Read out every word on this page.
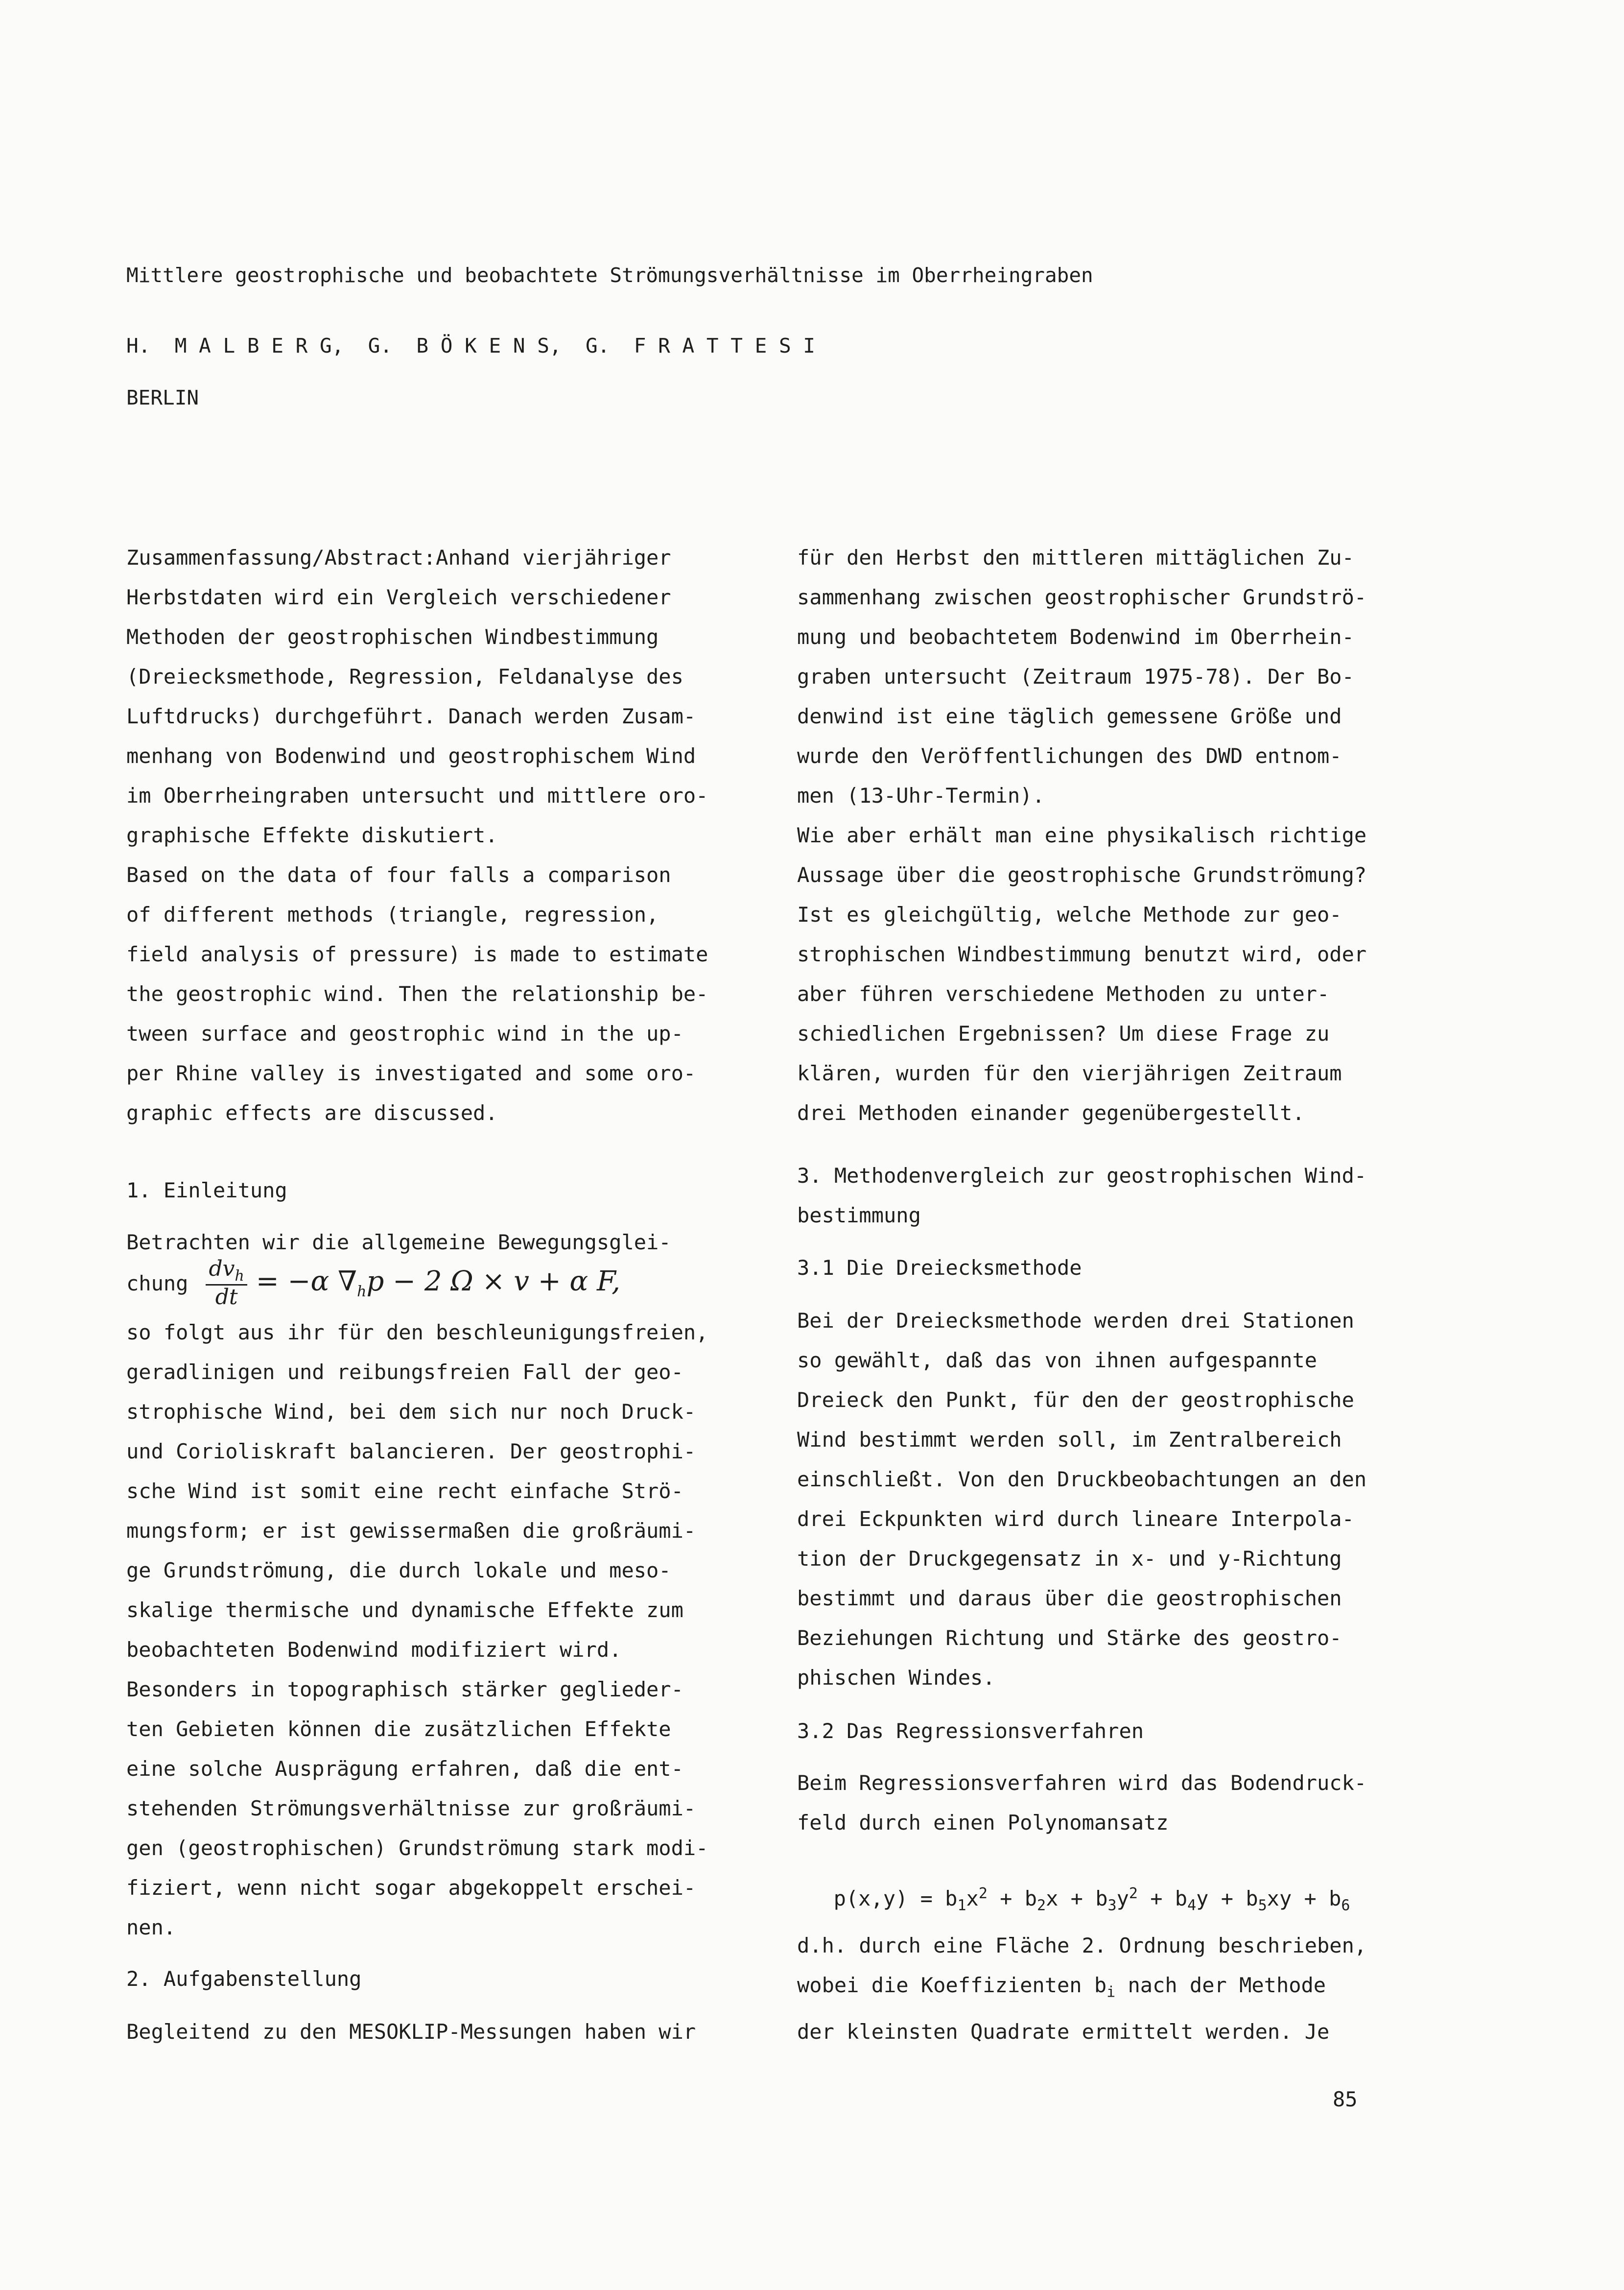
Mittlere geostrophische und beobachtete Strömungsverhältnisse im Oberrheingraben
H.  M A L B E R G,  G.  B Ö K E N S,  G.  F R A T T E S I
BERLIN

Zusammenfassung/Abstract:Anhand vierjähriger

Herbstdaten wird ein Vergleich verschiedener

Methoden der geostrophischen Windbestimmung

(Dreiecksmethode, Regression, Feldanalyse des

Luftdrucks) durchgeführt. Danach werden Zusam-

menhang von Bodenwind und geostrophischem Wind

im Oberrheingraben untersucht und mittlere oro-

graphische Effekte diskutiert.

Based on the data of four falls a comparison

of different methods (triangle, regression,

field analysis of pressure) is made to estimate

the geostrophic wind. Then the relationship be-

tween surface and geostrophic wind in the up-

per Rhine valley is investigated and some oro-

graphic effects are discussed.

1. Einleitung

Betrachten wir die allgemeine Bewegungsglei-

chung $\frac{dv_h}{dt} = -\alpha$ $\nabla_hp - 2$ Ω × v + α F,

so folgt aus ihr für den beschleunigungsfreien,

geradlinigen und reibungsfreien Fall der geo-

strophische Wind, bei dem sich nur noch Druck-

und Corioliskraft balancieren. Der geostrophi-

sche Wind ist somit eine recht einfache Strö-

mungsform; er ist gewissermaßen die großräumi-

ge Grundströmung, die durch lokale und meso-

skalige thermische und dynamische Effekte zum

beobachteten Bodenwind modifiziert wird.

Besonders in topographisch stärker geglieder-

ten Gebieten können die zusätzlichen Effekte

eine solche Ausprägung erfahren, daß die ent-

stehenden Strömungsverhältnisse zur großräumi-

gen (geostrophischen) Grundströmung stark modi-

fiziert, wenn nicht sogar abgekoppelt erschei-

nen.

2. Aufgabenstellung

Begleitend zu den MESOKLIP-Messungen haben wir

für den Herbst den mittleren mittäglichen Zu-

sammenhang zwischen geostrophischer Grundströ-

mung und beobachtetem Bodenwind im Oberrhein-

graben untersucht (Zeitraum 1975-78). Der Bo-

denwind ist eine täglich gemessene Größe und

wurde den Veröffentlichungen des DWD entnom-

men (13-Uhr-Termin).

Wie aber erhält man eine physikalisch richtige

Aussage über die geostrophische Grundströmung?

Ist es gleichgültig, welche Methode zur geo-

strophischen Windbestimmung benutzt wird, oder

aber führen verschiedene Methoden zu unter-

schiedlichen Ergebnissen? Um diese Frage zu

klären, wurden für den vierjährigen Zeitraum

drei Methoden einander gegenübergestellt.

3. Methodenvergleich zur geostrophischen Wind-

bestimmung

3.1 Die Dreiecksmethode

Bei der Dreiecksmethode werden drei Stationen

so gewählt, daß das von ihnen aufgespannte

Dreieck den Punkt, für den der geostrophische

Wind bestimmt werden soll, im Zentralbereich

einschließt. Von den Druckbeobachtungen an den

drei Eckpunkten wird durch lineare Interpola-

tion der Druckgegensatz in x- und y-Richtung

bestimmt und daraus über die geostrophischen

Beziehungen Richtung und Stärke des geostro-

phischen Windes.

3.2 Das Regressionsverfahren

Beim Regressionsverfahren wird das Bodendruck-

feld durch einen Polynomansatz

$p(x,y) = b_1x^2 + b_2x + b_3y^2 + b_4y + b_5xy + b_6$

d.h. durch eine Fläche 2. Ordnung beschrieben,

wobei die Koeffizienten $b_i$ nach der Methode

der kleinsten Quadrate ermittelt werden. Je

85
